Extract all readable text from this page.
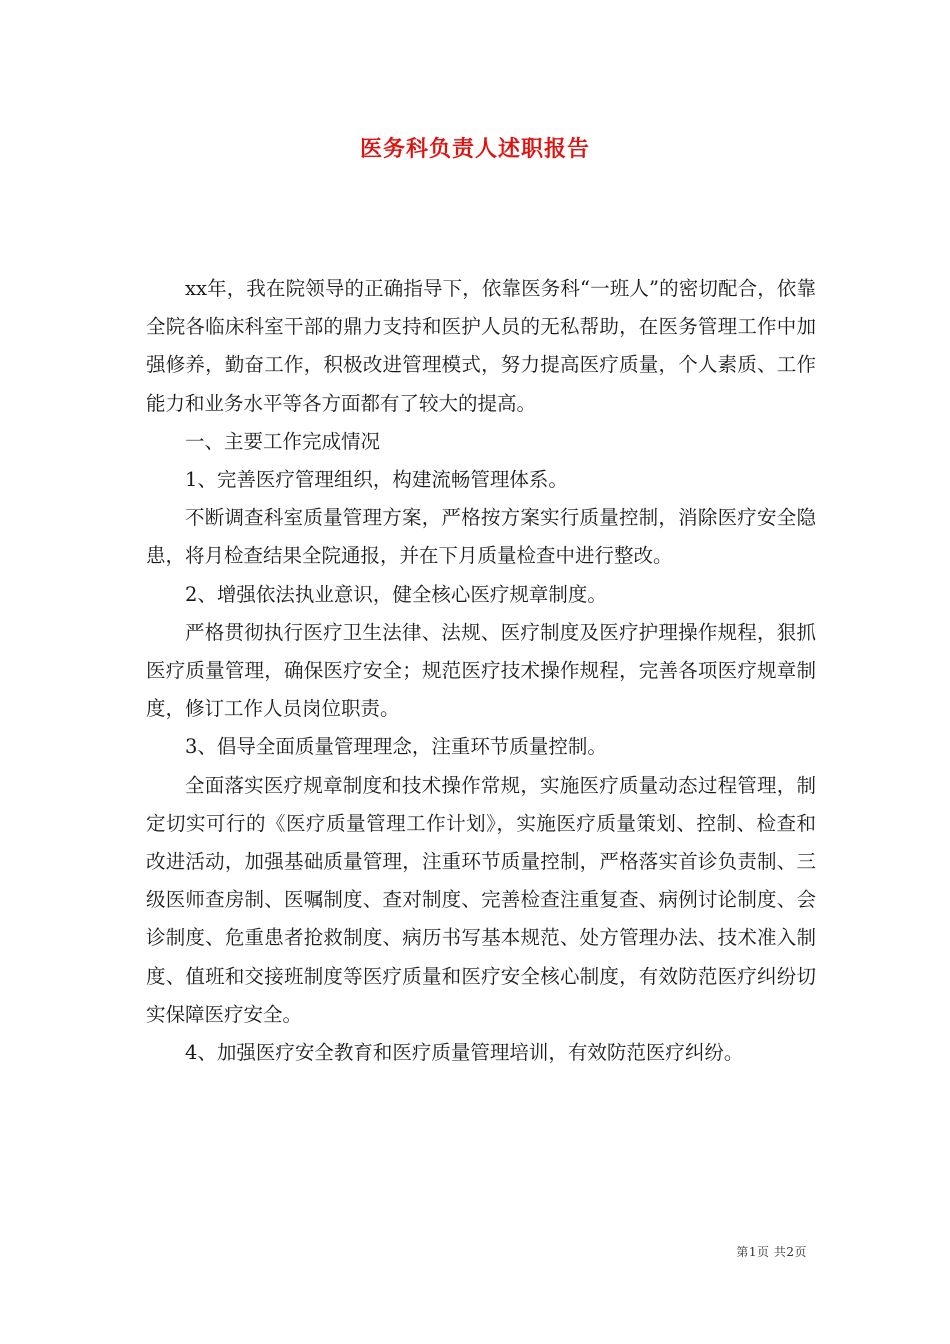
医务科负责人述职报告

xx年，我在院领导的正确指导下，依靠医务科“一班人”的密切配合，依靠全院各临床科室干部的鼎力支持和医护人员的无私帮助，在医务管理工作中加强修养，勤奋工作，积极改进管理模式，努力提高医疗质量，个人素质、工作能力和业务水平等各方面都有了较大的提高。

一、主要工作完成情况

1、完善医疗管理组织，构建流畅管理体系。

不断调查科室质量管理方案，严格按方案实行质量控制，消除医疗安全隐患，将月检查结果全院通报，并在下月质量检查中进行整改。

2、增强依法执业意识，健全核心医疗规章制度。

严格贯彻执行医疗卫生法律、法规、医疗制度及医疗护理操作规程，狠抓医疗质量管理，确保医疗安全；规范医疗技术操作规程，完善各项医疗规章制度，修订工作人员岗位职责。

3、倡导全面质量管理理念，注重环节质量控制。

全面落实医疗规章制度和技术操作常规，实施医疗质量动态过程管理，制定切实可行的《医疗质量管理工作计划》，实施医疗质量策划、控制、检查和改进活动，加强基础质量管理，注重环节质量控制，严格落实首诊负责制、三级医师查房制、医嘱制度、查对制度、完善检查注重复查、病例讨论制度、会诊制度、危重患者抢救制度、病历书写基本规范、处方管理办法、技术准入制度、值班和交接班制度等医疗质量和医疗安全核心制度，有效防范医疗纠纷切实保障医疗安全。

4、加强医疗安全教育和医疗质量管理培训，有效防范医疗纠纷。

第1页 共2页
